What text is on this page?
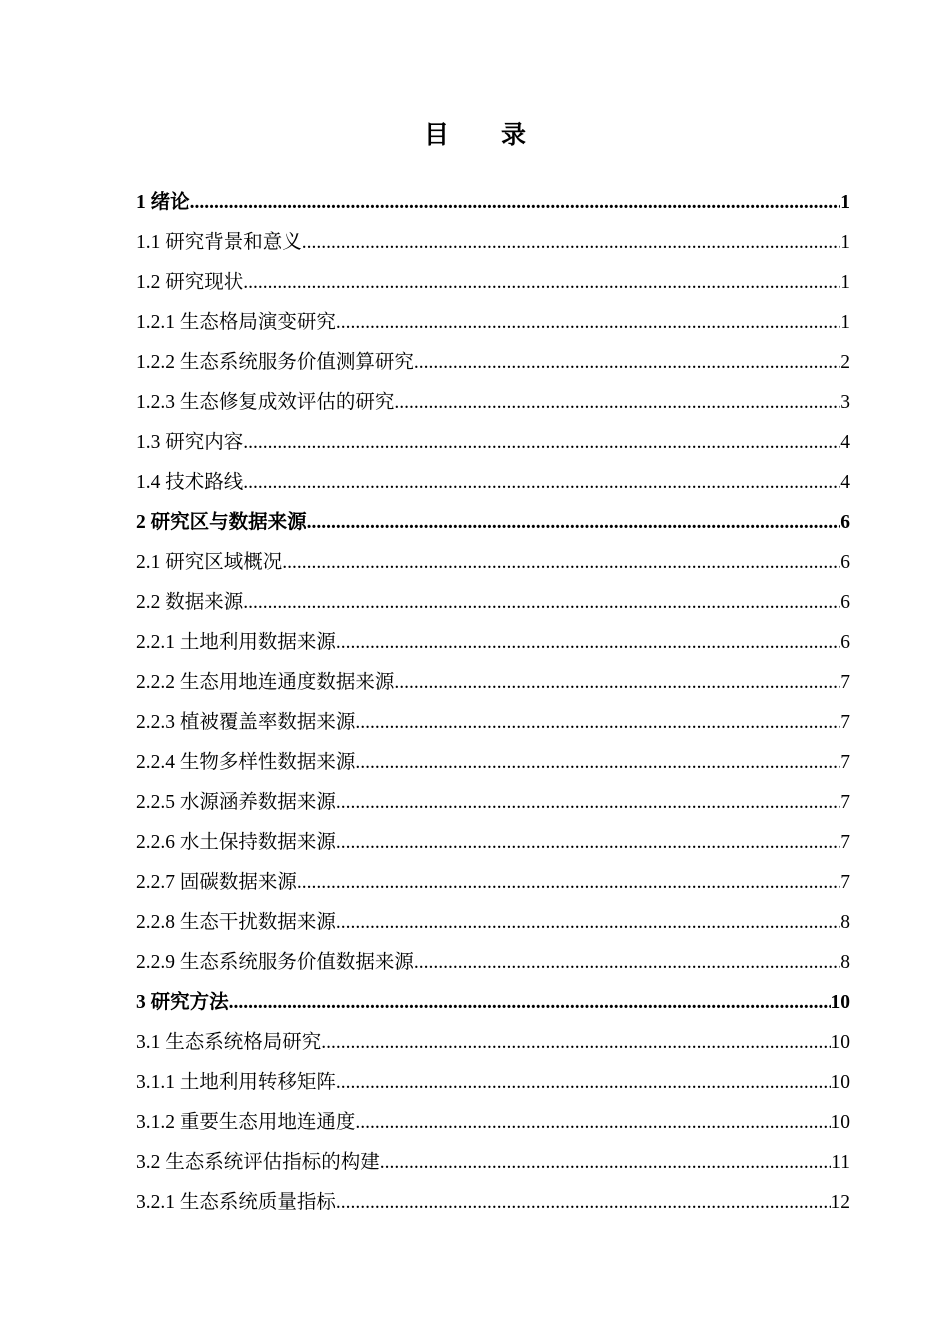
目 录
1 绪论 .....	1
1.1 研究背景和意义 .....	1
1.2 研究现状 .....	1
1.2.1 生态格局演变研究 .....	1
1.2.2 生态系统服务价值测算研究 .....	2
1.2.3 生态修复成效评估的研究 .....	3
1.3 研究内容 .....	4
1.4 技术路线 .....	4
2 研究区与数据来源 .....	6
2.1 研究区域概况 .....	6
2.2 数据来源 .....	6
2.2.1 土地利用数据来源 .....	6
2.2.2 生态用地连通度数据来源 .....	7
2.2.3 植被覆盖率数据来源 .....	7
2.2.4 生物多样性数据来源 .....	7
2.2.5 水源涵养数据来源 .....	7
2.2.6 水土保持数据来源 .....	7
2.2.7 固碳数据来源 .....	7
2.2.8 生态干扰数据来源 .....	8
2.2.9 生态系统服务价值数据来源 .....	8
3 研究方法 .....	10
3.1 生态系统格局研究 .....	10
3.1.1 土地利用转移矩阵 .....	10
3.1.2 重要生态用地连通度 .....	10
3.2 生态系统评估指标的构建 .....	11
3.2.1 生态系统质量指标 .....	12
